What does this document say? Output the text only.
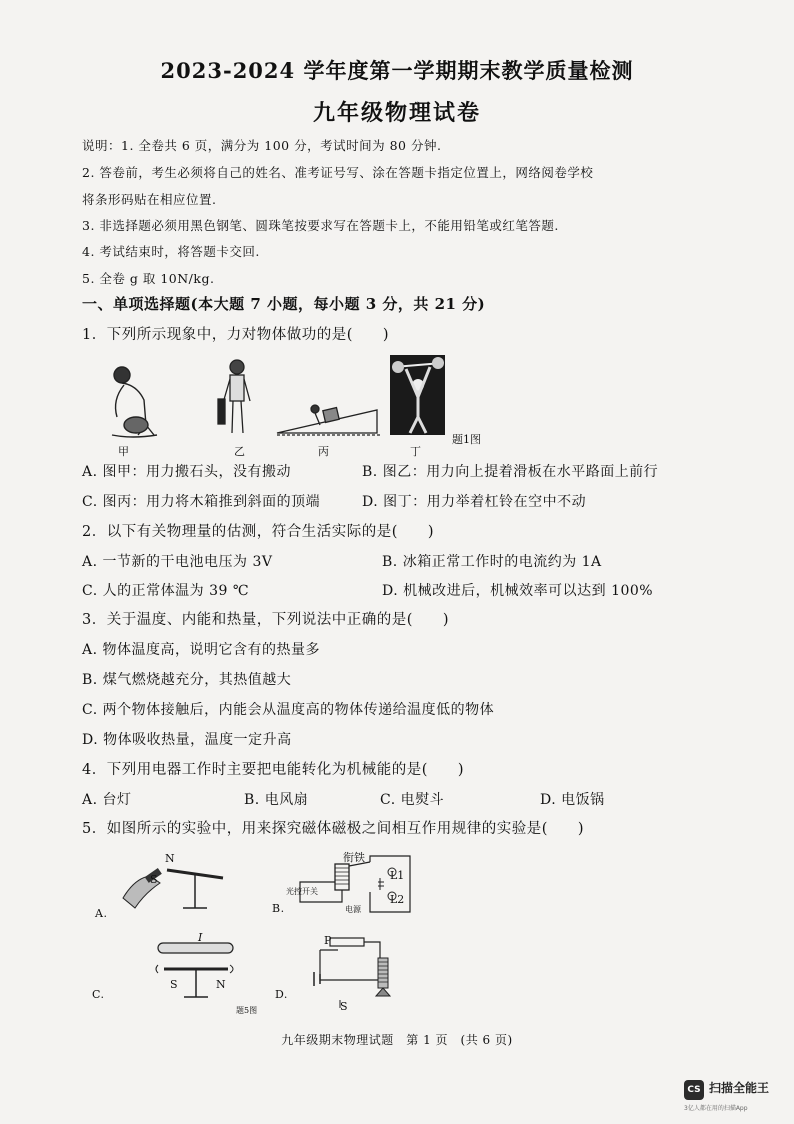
2023-2024 学年度第一学期期末教学质量检测
九年级物理试卷
说明：1. 全卷共 6 页，满分为 100 分，考试时间为 80 分钟.
2. 答卷前，考生必须将自己的姓名、准考证号写、涂在答题卡指定位置上，网络阅卷学校
将条形码贴在相应位置.
3. 非选择题必须用黑色钢笔、圆珠笔按要求写在答题卡上，不能用铅笔或红笔答题.
4. 考试结束时，将答题卡交回.
5. 全卷 g 取 10N/kg.
一、单项选择题(本大题 7 小题，每小题 3 分，共 21 分)
1．下列所示现象中，力对物体做功的是(　　)
甲	乙	丙	丁
题1图
A. 图甲：用力搬石头，没有搬动	B. 图乙：用力向上提着滑板在水平路面上前行
C. 图丙：用力将木箱推到斜面的顶端	D. 图丁：用力举着杠铃在空中不动
2．以下有关物理量的估测，符合生活实际的是(　　)
A. 一节新的干电池电压为 3V	B. 冰箱正常工作时的电流约为 1A
C. 人的正常体温为 39 ℃	D. 机械改进后，机械效率可以达到 100%
3．关于温度、内能和热量，下列说法中正确的是(　　)
A. 物体温度高，说明它含有的热量多
B. 煤气燃烧越充分，其热值越大
C. 两个物体接触后，内能会从温度高的物体传递给温度低的物体
D. 物体吸收热量，温度一定升高
4．下列用电器工作时主要把电能转化为机械能的是(　　)
A. 台灯	B. 电风扇	C. 电熨斗	D. 电饭锅
5．如图所示的实验中，用来探究磁体磁极之间相互作用规律的实验是(　　)
N
S
A.
衔铁
光控开关
L1
L2
电源
B.
I
S	N
C.
题5图
P
S
D.
九年级期末物理试题　第 1 页　(共 6 页)
CS 扫描全能王
3亿人都在用的扫描App
